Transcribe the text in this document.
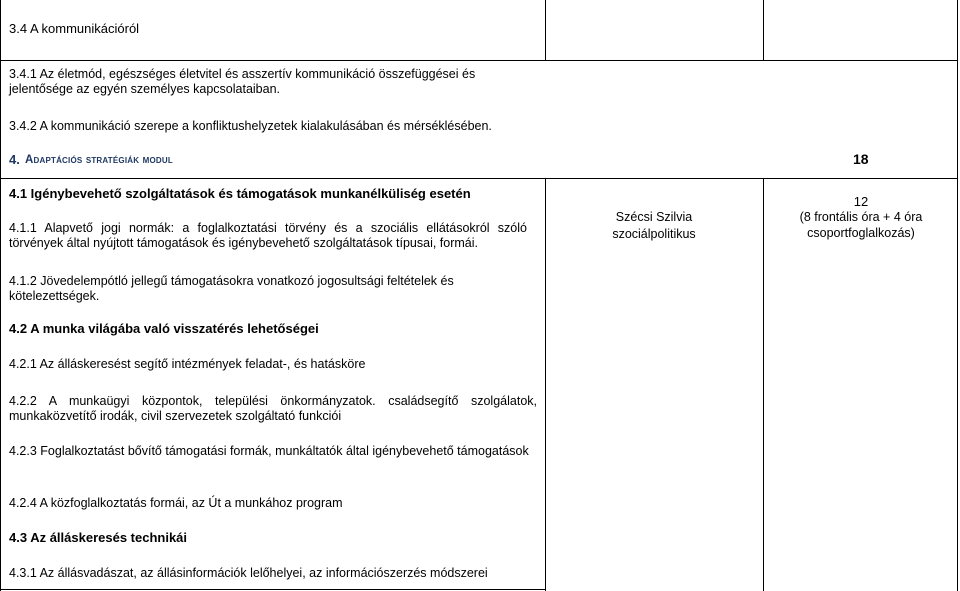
3.4 A kommunikációról

3.4.1 Az életmód, egészséges életvitel és asszertív kommunikáció összefüggései és jelentősége az egyén személyes kapcsolataiban.

3.4.2 A kommunikáció szerepe a konfliktushelyzetek kialakulásában és mérséklésében.

4. Adaptációs stratégiák modul	18

4.1 Igénybevehető szolgáltatások és támogatások munkanélküliség esetén

4.1.1 Alapvető jogi normák: a foglalkoztatási törvény és a szociális ellátásokról szóló törvények által nyújtott támogatások és igénybevehető szolgáltatások típusai, formái.

Szécsi Szilvia

szociálpolitikus

12

(8 frontális óra + 4 óra

csoportfoglalkozás)

4.1.2 Jövedelempótló jellegű támogatásokra vonatkozó jogosultsági feltételek és kötelezettségek.

4.2 A munka világába való visszatérés lehetőségei

4.2.1 Az álláskeresést segítő intézmények feladat-, és hatásköre

4.2.2 A munkaügyi központok, települési önkormányzatok. családsegítő szolgálatok, munkaközvetítő irodák, civil szervezetek szolgáltató funkciói

4.2.3 Foglalkoztatást bővítő támogatási formák, munkáltatók által igénybevehető támogatások

4.2.4 A közfoglalkoztatás formái, az Út a munkához program

4.3 Az álláskeresés technikái

4.3.1 Az állásvadászat, az állásinformációk lelőhelyei, az információszerzés módszerei
